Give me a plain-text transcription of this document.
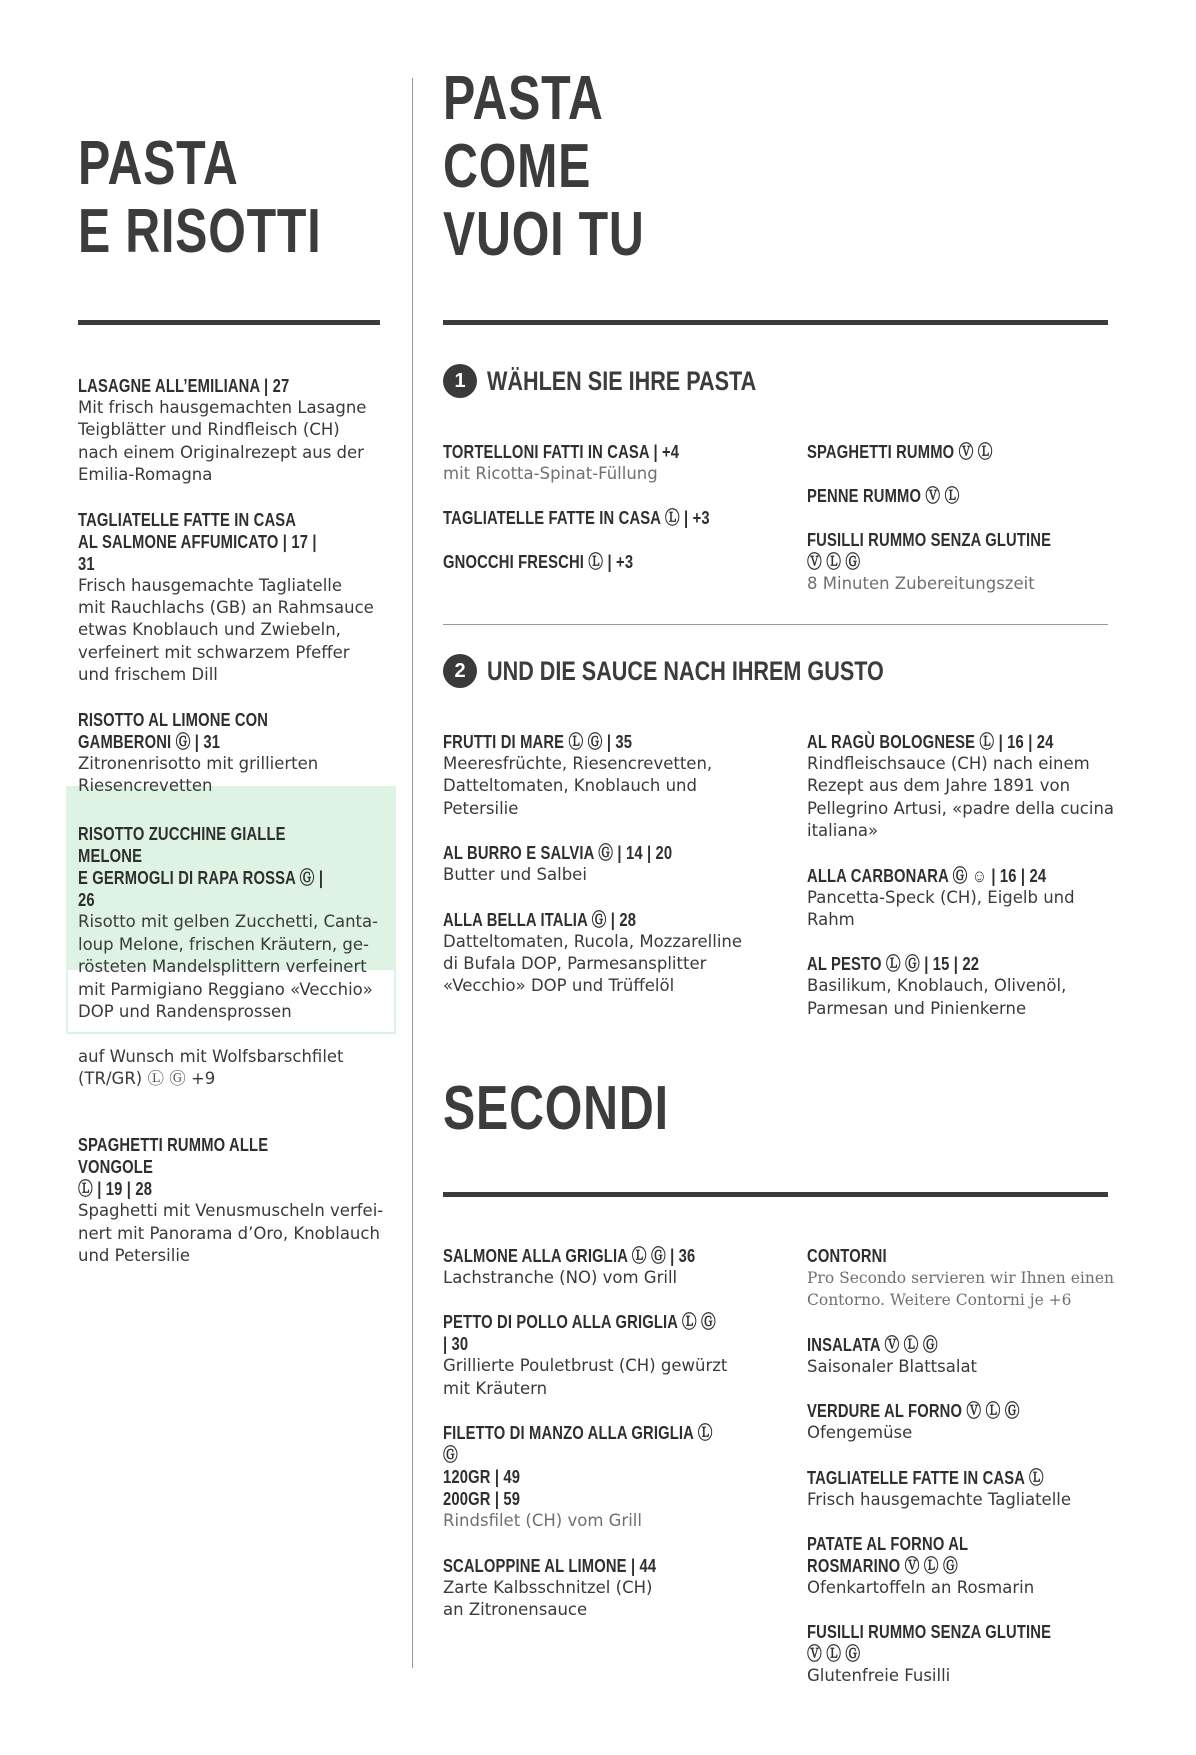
PASTA
E RISOTTI
LASAGNE ALL’EMILIANA | 27
Mit frisch hausgemachten Lasagne
Teigblätter und Rindfleisch (CH)
nach einem Originalrezept aus der
Emilia-Romagna
TAGLIATELLE FATTE IN CASA
AL SALMONE AFFUMICATO | 17 | 31
Frisch hausgemachte Tagliatelle
mit Rauchlachs (GB) an Rahmsauce
etwas Knoblauch und Zwiebeln,
verfeinert mit schwarzem Pfeffer
und frischem Dill
RISOTTO AL LIMONE CON
GAMBERONI Ⓖ | 31
Zitronenrisotto mit grillierten
Riesencrevetten
RISOTTO ZUCCHINE GIALLE MELONE
E GERMOGLI DI RAPA ROSSA Ⓖ | 26
Risotto mit gelben Zucchetti, Canta-
loup Melone, frischen Kräutern, ge-
rösteten Mandelsplittern verfeinert
mit Parmigiano Reggiano «Vecchio»
DOP und Randensprossen
auf Wunsch mit Wolfsbarschfilet
(TR/GR) Ⓛ Ⓖ +9
SPAGHETTI RUMMO ALLE VONGOLE
Ⓛ | 19 | 28
Spaghetti mit Venusmuscheln verfei-
nert mit Panorama d’Oro, Knoblauch
und Petersilie
PASTA
COME
VUOI TU
1 WÄHLEN SIE IHRE PASTA
TORTELLONI FATTI IN CASA | +4
mit Ricotta-Spinat-Füllung
TAGLIATELLE FATTE IN CASA Ⓛ | +3
GNOCCHI FRESCHI Ⓛ | +3
SPAGHETTI RUMMO Ⓥ Ⓛ
PENNE RUMMO Ⓥ Ⓛ
FUSILLI RUMMO SENZA GLUTINE Ⓥ Ⓛ Ⓖ
8 Minuten Zubereitungszeit
2 UND DIE SAUCE NACH IHREM GUSTO
FRUTTI DI MARE Ⓛ Ⓖ | 35
Meeresfrüchte, Riesencrevetten,
Datteltomaten, Knoblauch und
Petersilie
AL BURRO E SALVIA Ⓖ | 14 | 20
Butter und Salbei
ALLA BELLA ITALIA Ⓖ | 28
Datteltomaten, Rucola, Mozzarelline
di Bufala DOP, Parmesansplitter
«Vecchio» DOP und Trüffelöl
AL RAGÙ BOLOGNESE Ⓛ | 16 | 24
Rindfleischsauce (CH) nach einem
Rezept aus dem Jahre 1891 von
Pellegrino Artusi, «padre della cucina
italiana»
ALLA CARBONARA Ⓖ ☺ | 16 | 24
Pancetta-Speck (CH), Eigelb und
Rahm
AL PESTO Ⓛ Ⓖ | 15 | 22
Basilikum, Knoblauch, Olivenöl,
Parmesan und Pinienkerne
SECONDI
SALMONE ALLA GRIGLIA Ⓛ Ⓖ | 36
Lachstranche (NO) vom Grill
PETTO DI POLLO ALLA GRIGLIA Ⓛ Ⓖ | 30
Grillierte Pouletbrust (CH) gewürzt
mit Kräutern
FILETTO DI MANZO ALLA GRIGLIA Ⓛ Ⓖ
120GR | 49
200GR | 59
Rindsfilet (CH) vom Grill
SCALOPPINE AL LIMONE | 44
Zarte Kalbsschnitzel (CH)
an Zitronensauce
CONTORNI
Pro Secondo servieren wir Ihnen einen
Contorno. Weitere Contorni je +6
INSALATA Ⓥ Ⓛ Ⓖ
Saisonaler Blattsalat
VERDURE AL FORNO Ⓥ Ⓛ Ⓖ
Ofengemüse
TAGLIATELLE FATTE IN CASA Ⓛ
Frisch hausgemachte Tagliatelle
PATATE AL FORNO AL ROSMARINO Ⓥ Ⓛ Ⓖ
Ofenkartoffeln an Rosmarin
FUSILLI RUMMO SENZA GLUTINE Ⓥ Ⓛ Ⓖ
Glutenfreie Fusilli
